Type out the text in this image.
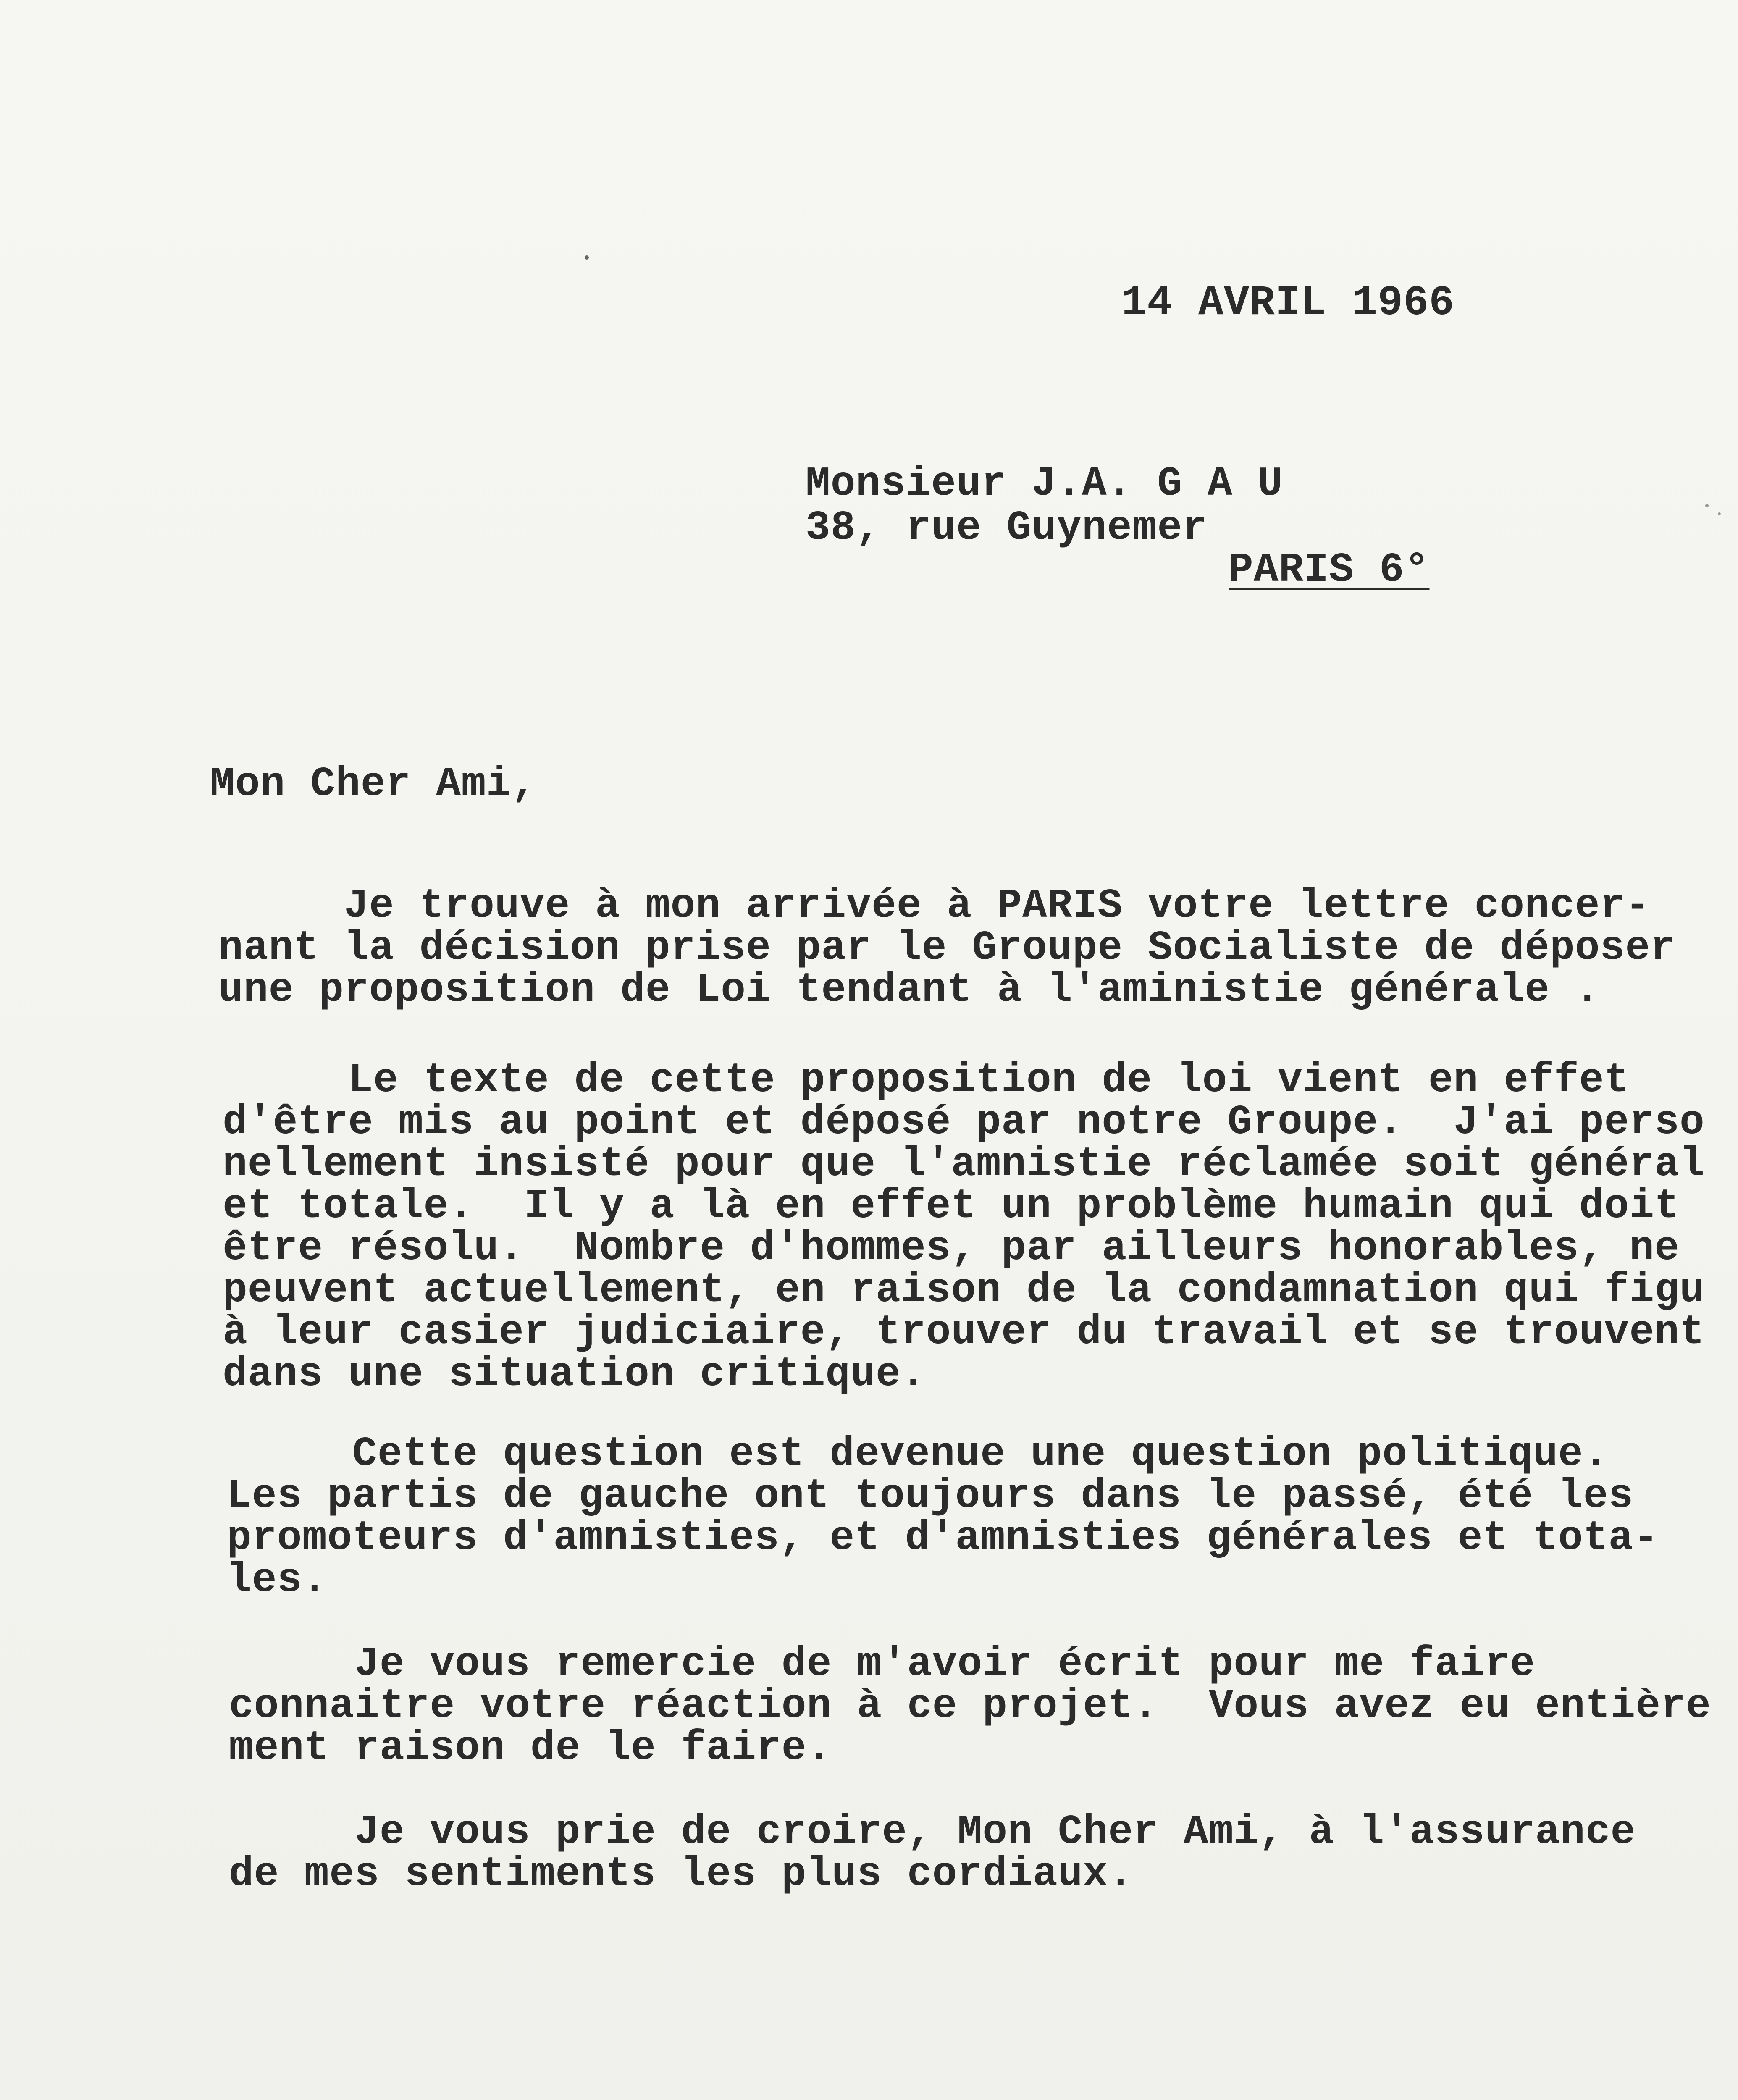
14 AVRIL 1966
Monsieur J.A. G A U
38, rue Guynemer
PARIS 6°
Mon Cher Ami,
Je trouve à mon arrivée à PARIS votre lettre concer-
nant la décision prise par le Groupe Socialiste de déposer
une proposition de Loi tendant à l'aministie générale .
Le texte de cette proposition de loi vient en effet
d'être mis au point et déposé par notre Groupe.  J'ai perso
nellement insisté pour que l'amnistie réclamée soit général
et totale.  Il y a là en effet un problème humain qui doit
être résolu.  Nombre d'hommes, par ailleurs honorables, ne
peuvent actuellement, en raison de la condamnation qui figu
à leur casier judiciaire, trouver du travail et se trouvent
dans une situation critique.
Cette question est devenue une question politique.
Les partis de gauche ont toujours dans le passé, été les
promoteurs d'amnisties, et d'amnisties générales et tota-
les.
Je vous remercie de m'avoir écrit pour me faire
connaitre votre réaction à ce projet.  Vous avez eu entière
ment raison de le faire.
Je vous prie de croire, Mon Cher Ami, à l'assurance
de mes sentiments les plus cordiaux.
